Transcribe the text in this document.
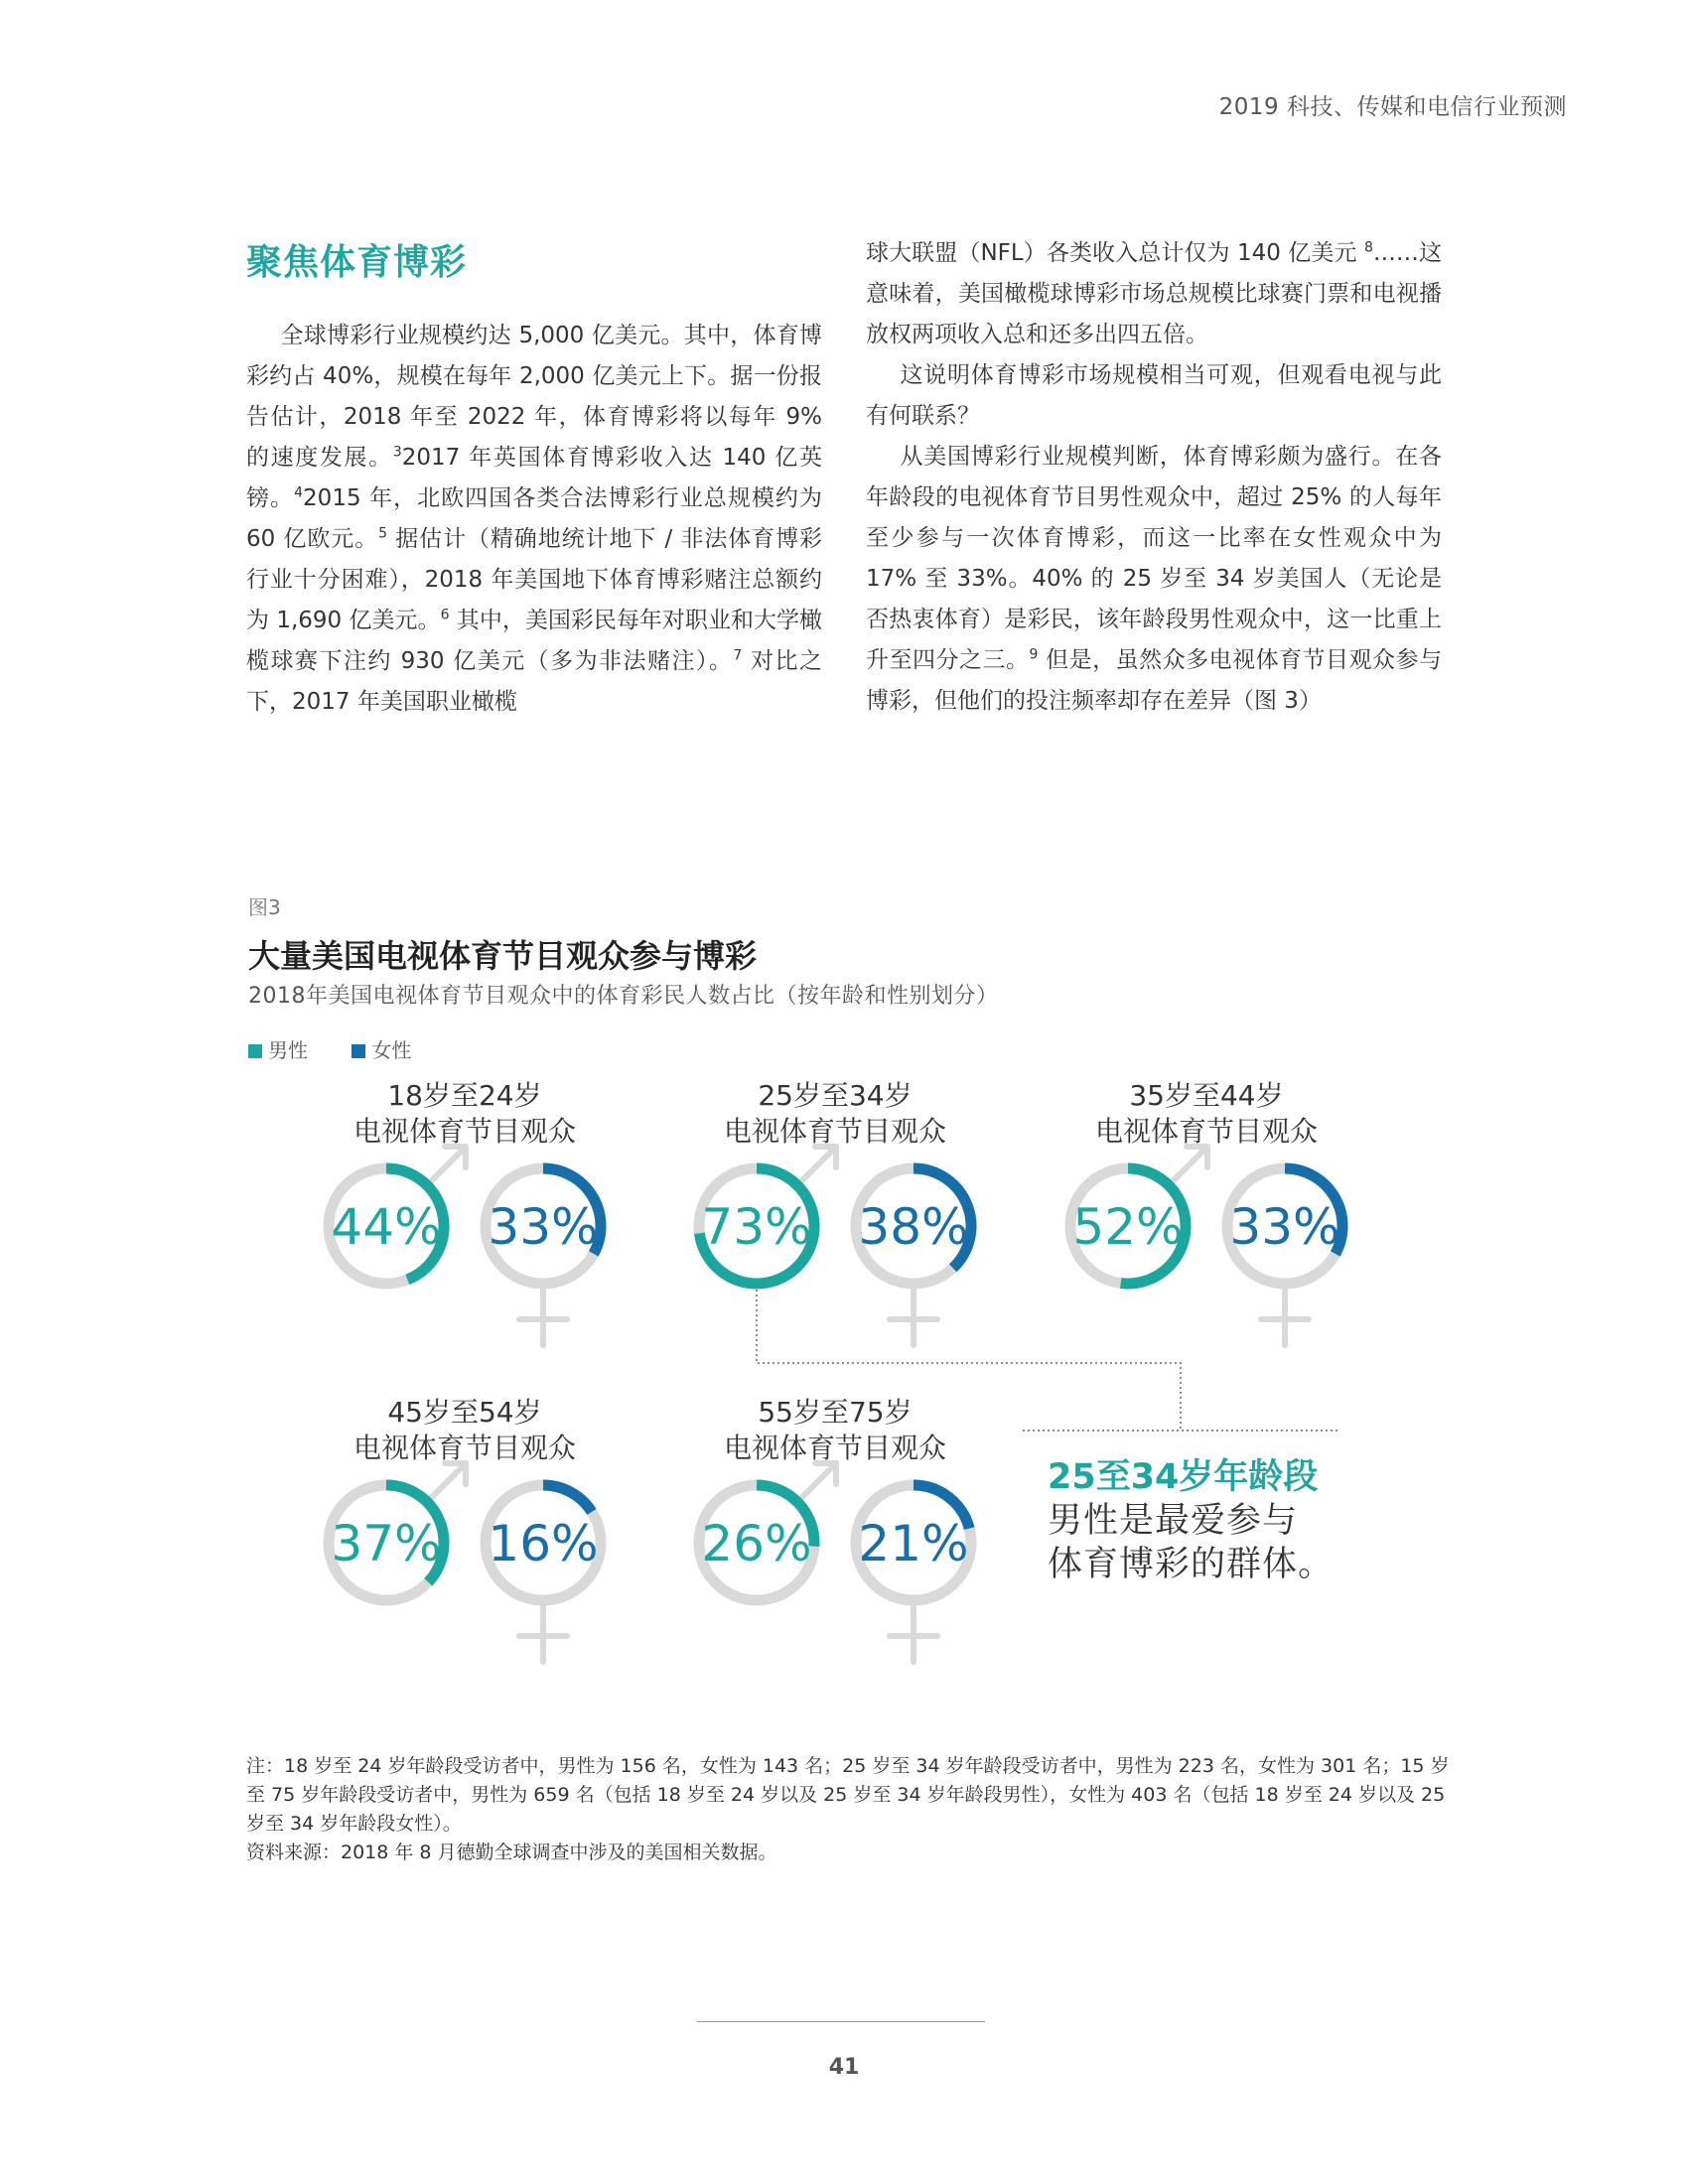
2019 科技、传媒和电信行业预测
聚焦体育博彩

全球博彩行业规模约达 5,000 亿美元。其中，体育博彩约占 40%，规模在每年 2,000 亿美元上下。据一份报告估计，2018 年至 2022 年，体育博彩将以每年 9% 的速度发展。$^3$2017 年英国体育博彩收入达 140 亿英镑。$^4$2015 年，北欧四国各类合法博彩行业总规模约为 60 亿欧元。$^5$ 据估计（精确地统计地下 / 非法体育博彩行业十分困难），2018 年美国地下体育博彩赌注总额约为 1,690 亿美元。$^6$ 其中，美国彩民每年对职业和大学橄榄球赛下注约 930 亿美元（多为非法赌注）。$^7$ 对比之下，2017 年美国职业橄榄

球大联盟（NFL）各类收入总计仅为 140 亿美元 $^8$……这意味着，美国橄榄球博彩市场总规模比球赛门票和电视播放权两项收入总和还多出四五倍。

这说明体育博彩市场规模相当可观，但观看电视与此有何联系？

从美国博彩行业规模判断，体育博彩颇为盛行。在各年龄段的电视体育节目男性观众中，超过 25% 的人每年至少参与一次体育博彩，而这一比率在女性观众中为 17% 至 33%。40% 的 25 岁至 34 岁美国人（无论是否热衷体育）是彩民，该年龄段男性观众中，这一比重上升至四分之三。$^9$ 但是，虽然众多电视体育节目观众参与博彩，但他们的投注频率却存在差异（图 3）

图3
大量美国电视体育节目观众参与博彩
2018年美国电视体育节目观众中的体育彩民人数占比（按年龄和性别划分）
男性	女性
18岁至24岁
电视体育节目观众
44% 33%
25岁至34岁
电视体育节目观众
73% 38%
35岁至44岁
电视体育节目观众
52% 33%
45岁至54岁
电视体育节目观众
37% 16%
55岁至75岁
电视体育节目观众
26% 21%
25至34岁年龄段
男性是最爱参与
体育博彩的群体。

注：18 岁至 24 岁年龄段受访者中，男性为 156 名，女性为 143 名；25 岁至 34 岁年龄段受访者中，男性为 223 名，女性为 301 名；15 岁至 75 岁年龄段受访者中，男性为 659 名（包括 18 岁至 24 岁以及 25 岁至 34 岁年龄段男性），女性为 403 名（包括 18 岁至 24 岁以及 25 岁至 34 岁年龄段女性）。

资料来源：2018 年 8 月德勤全球调查中涉及的美国相关数据。

41
